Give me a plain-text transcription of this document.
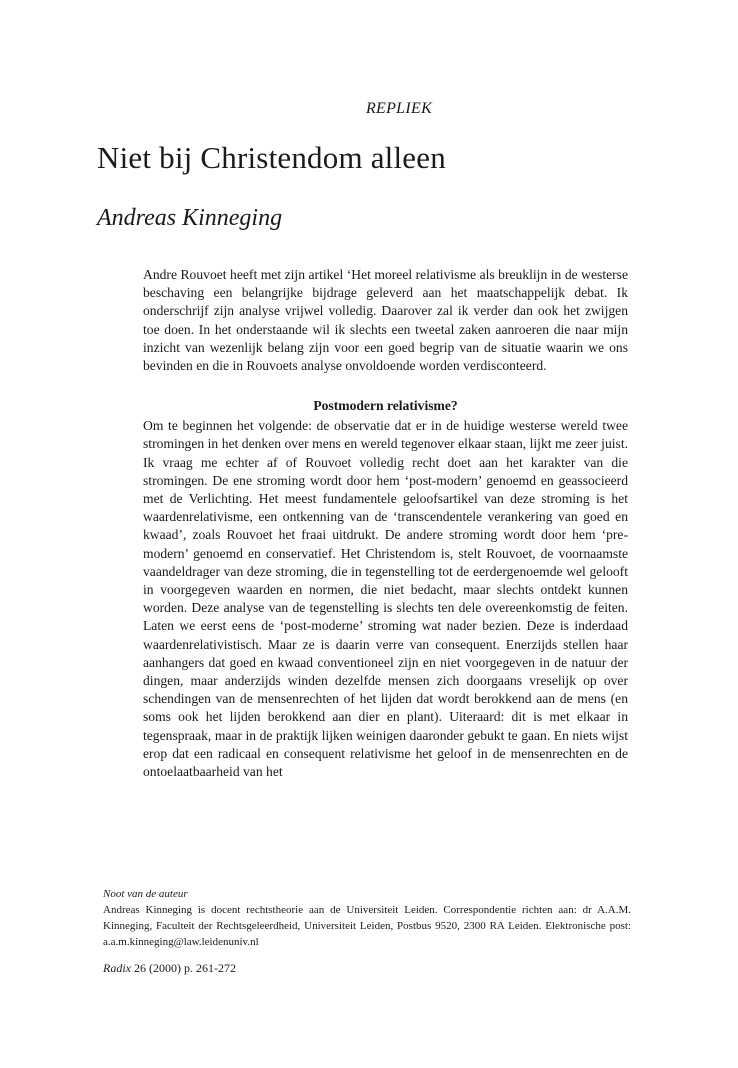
REPLIEK
Niet bij Christendom alleen
Andreas Kinneging

Andre Rouvoet heeft met zijn artikel ‘Het moreel relativisme als breuklijn in de westerse beschaving een belangrijke bijdrage geleverd aan het maatschappelijk debat. Ik onderschrijf zijn analyse vrijwel volledig. Daarover zal ik verder dan ook het zwijgen toe doen. In het onderstaande wil ik slechts een tweetal zaken aanroeren die naar mijn inzicht van wezenlijk belang zijn voor een goed begrip van de situatie waarin we ons bevinden en die in Rouvoets analyse onvoldoende worden verdisconteerd.

Postmodern relativisme?

Om te beginnen het volgende: de observatie dat er in de huidige westerse wereld twee stromingen in het denken over mens en wereld tegenover elkaar staan, lijkt me zeer juist. Ik vraag me echter af of Rouvoet volledig recht doet aan het karakter van die stromingen. De ene stroming wordt door hem ‘post-modern’ genoemd en geassocieerd met de Verlichting. Het meest fundamentele geloofsartikel van deze stroming is het waardenrelativisme, een ontkenning van de ‘transcendentele verankering van goed en kwaad’, zoals Rouvoet het fraai uitdrukt. De andere stroming wordt door hem ‘pre-modern’ genoemd en conservatief. Het Christendom is, stelt Rouvoet, de voornaamste vaandeldrager van deze stroming, die in tegenstelling tot de eerdergenoemde wel gelooft in voorgegeven waarden en normen, die niet bedacht, maar slechts ontdekt kunnen worden. Deze analyse van de tegenstelling is slechts ten dele overeenkomstig de feiten. Laten we eerst eens de ‘post-moderne’ stroming wat nader bezien. Deze is inderdaad waardenrelativistisch. Maar ze is daarin verre van consequent. Enerzijds stellen haar aanhangers dat goed en kwaad conventioneel zijn en niet voorgegeven in de natuur der dingen, maar anderzijds winden dezelfde mensen zich doorgaans vreselijk op over schendingen van de mensenrechten of het lijden dat wordt berokkend aan de mens (en soms ook het lijden berokkend aan dier en plant). Uiteraard: dit is met elkaar in tegenspraak, maar in de praktijk lijken weinigen daaronder gebukt te gaan. En niets wijst erop dat een radicaal en consequent relativisme het geloof in de mensenrechten en de ontoelaatbaarheid van het

Noot van de auteur
Andreas Kinneging is docent rechtstheorie aan de Universiteit Leiden. Correspondentie richten aan: dr A.A.M. Kinneging, Faculteit der Rechtsgeleerdheid, Universiteit Leiden, Postbus 9520, 2300 RA Leiden. Elektronische post: a.a.m.kinneging@law.leidenuniv.nl
Radix 26 (2000) p. 261-272
